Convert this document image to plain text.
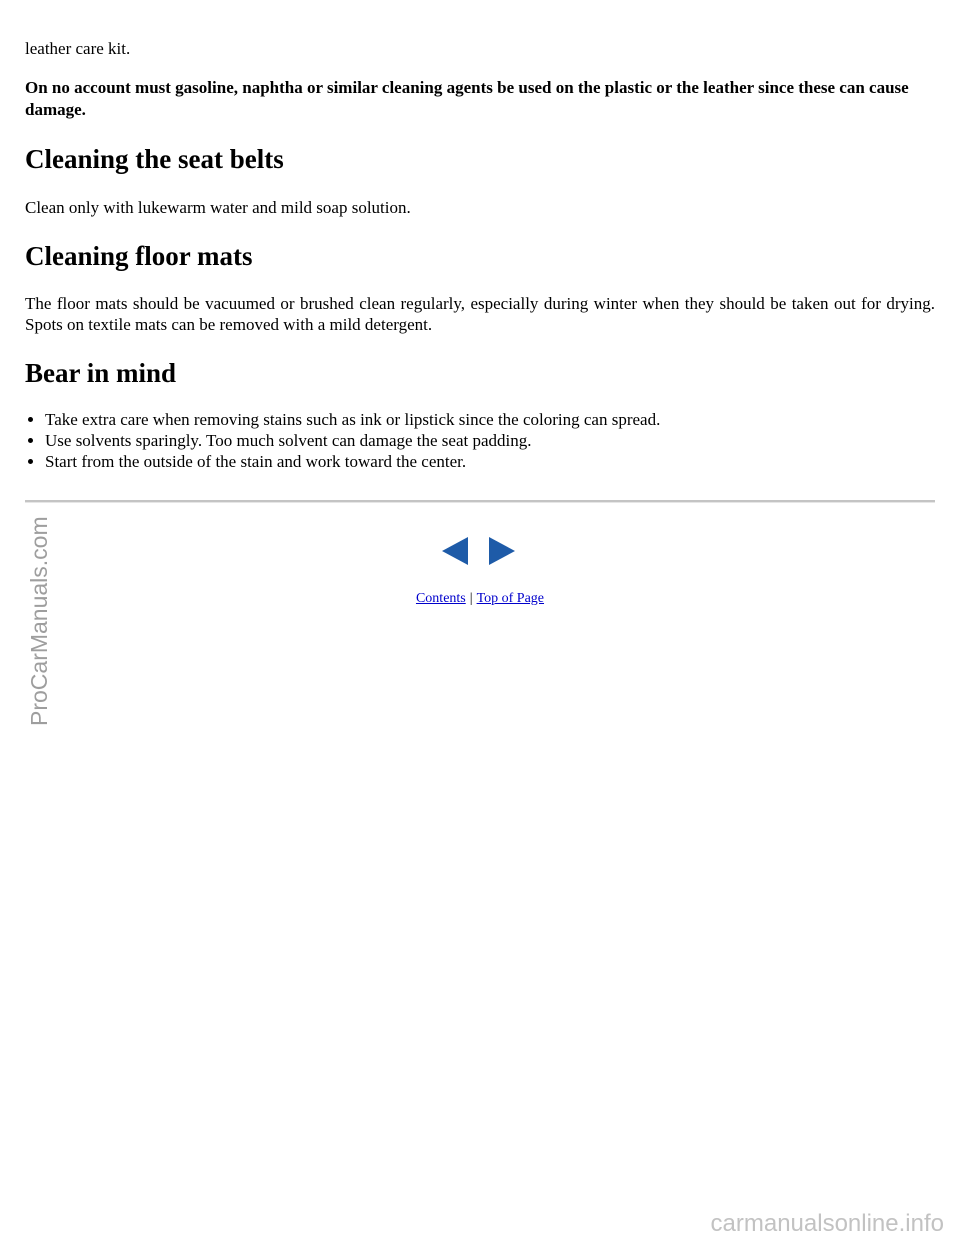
leather care kit.

On no account must gasoline, naphtha or similar cleaning agents be used on the plastic or the leather since these can cause damage.

Cleaning the seat belts

Clean only with lukewarm water and mild soap solution.

Cleaning floor mats

The floor mats should be vacuumed or brushed clean regularly, especially during winter when they should be taken out for drying. Spots on textile mats can be removed with a mild detergent.

Bear in mind
• Take extra care when removing stains such as ink or lipstick since the coloring can spread.
• Use solvents sparingly. Too much solvent can damage the seat padding.
• Start from the outside of the stain and work toward the center.
Contents | Top of Page
ProCarManuals.com
carmanualsonline.info
